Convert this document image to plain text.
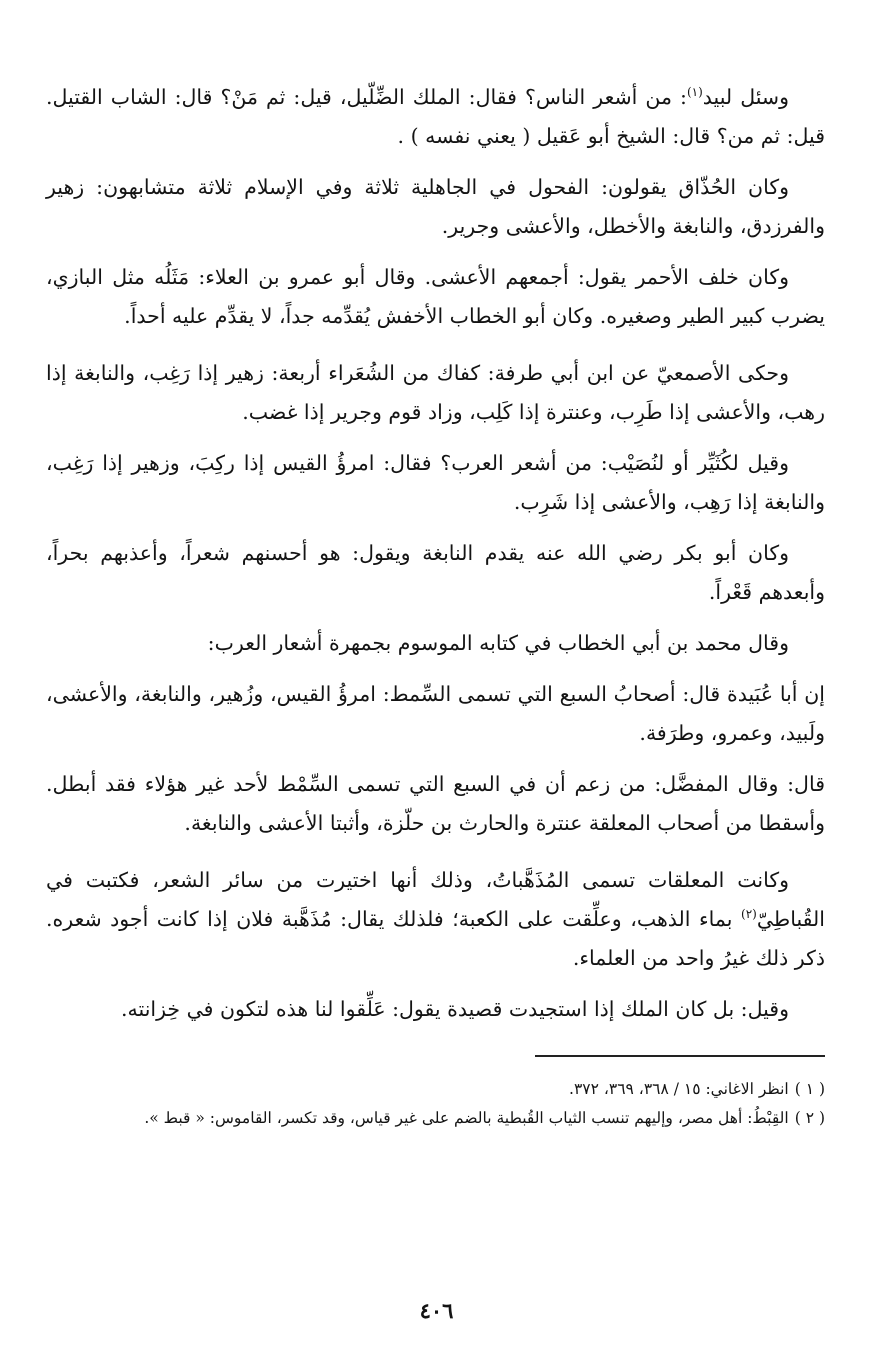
وسئل لبيد$^{(١)}$: من أشعر الناس؟ فقال: الملك الضِّلّيل، قيل: ثم مَنْ؟ قال: الشاب القتيل. قيل: ثم من؟ قال: الشيخ أبو عَقيل ( يعني نفسه ) .

وكان الحُذّاق يقولون: الفحول في الجاهلية ثلاثة وفي الإسلام ثلاثة متشابهون: زهير والفرزدق، والنابغة والأخطل، والأعشى وجرير.

وكان خلف الأحمر يقول: أجمعهم الأعشى. وقال أبو عمرو بن العلاء: مَثَلُه مثل البازي، يضرب كبير الطير وصغيره. وكان أبو الخطاب الأخفش يُقدِّمه جداً، لا يقدِّم عليه أحداً.

وحكى الأصمعيّ عن ابن أبي طرفة: كفاك من الشُعَراء أربعة: زهير إذا رَغِب، والنابغة إذا رهب، والأعشى إذا طَرِب، وعنترة إذا كَلِب، وزاد قوم وجرير إذا غضب.

وقيل لكُثَيِّر أو لنُصَيْب: من أشعر العرب؟ فقال: امرؤُ القيس إذا ركِبَ، وزهير إذا رَغِب، والنابغة إذا رَهِب، والأعشى إذا شَرِب.

وكان أبو بكر رضي الله عنه يقدم النابغة ويقول: هو أحسنهم شعراً، وأعذبهم بحراً، وأبعدهم قَعْراً.

وقال محمد بن أبي الخطاب في كتابه الموسوم بجمهرة أشعار العرب:

إن أبا عُبَيدة قال: أصحابُ السبع التي تسمى السِّمط: امرؤُ القيس، وزُهير، والنابغة، والأعشى، ولَبيد، وعمرو، وطرَفة.

قال: وقال المفضَّل: من زعم أن في السبع التي تسمى السِّمْط لأحد غير هؤلاء فقد أبطل. وأسقطا من أصحاب المعلقة عنترة والحارث بن حلّزة، وأثبتا الأعشى والنابغة.

وكانت المعلقات تسمى المُذَهَّباتُ، وذلك أنها اختيرت من سائر الشعر، فكتبت في القُباطِيّ$^{(٢)}$ بماء الذهب، وعلِّقت على الكعبة؛ فلذلك يقال: مُذَهَّبة فلان إذا كانت أجود شعره. ذكر ذلك غيرُ واحد من العلماء.

وقيل: بل كان الملك إذا استجيدت قصيدة يقول: عَلِّقوا لنا هذه لتكون في خِزانته.

( ١ )انظر الاغاني: ١٥ / ٣٦٨، ٣٦٩، ٣٧٢.

( ٢ )القِبْطُ: أهل مصر، وإليهم تنسب الثياب القُبطية بالضم على غير قياس، وقد تكسر، القاموس: « قبط ».

٤٠٦
